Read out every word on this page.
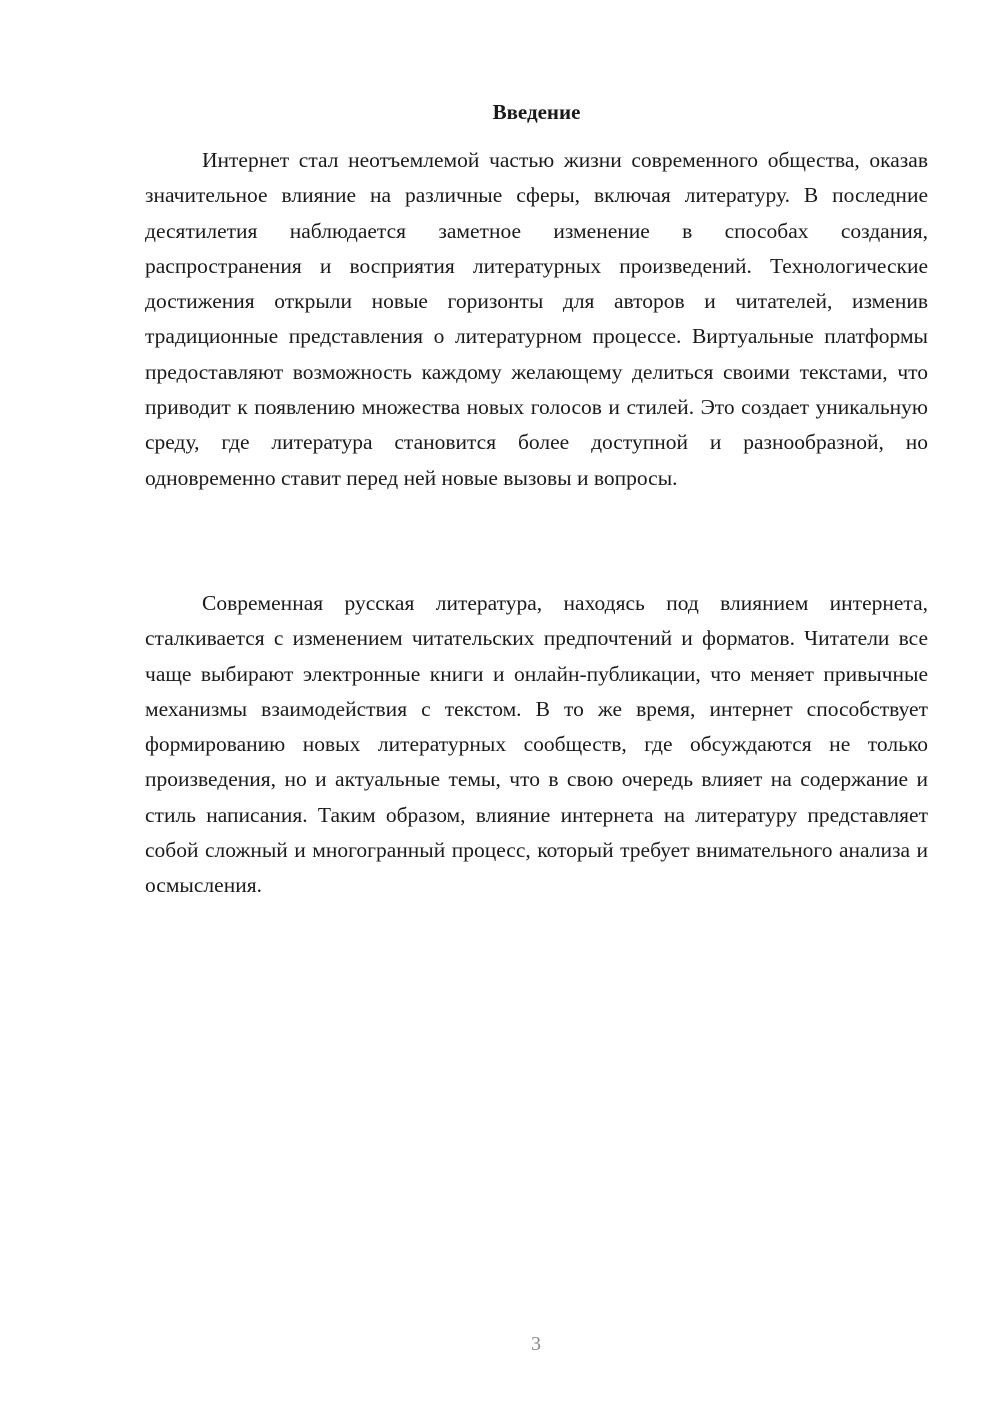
Введение

Интернет стал неотъемлемой частью жизни современного общества, оказав значительное влияние на различные сферы, включая литературу. В последние десятилетия наблюдается заметное изменение в способах создания, распространения и восприятия литературных произведений. Технологические достижения открыли новые горизонты для авторов и читателей, изменив традиционные представления о литературном процессе. Виртуальные платформы предоставляют возможность каждому желающему делиться своими текстами, что приводит к появлению множества новых голосов и стилей. Это создает уникальную среду, где литература становится более доступной и разнообразной, но одновременно ставит перед ней новые вызовы и вопросы.

Современная русская литература, находясь под влиянием интернета, сталкивается с изменением читательских предпочтений и форматов. Читатели все чаще выбирают электронные книги и онлайн-публикации, что меняет привычные механизмы взаимодействия с текстом. В то же время, интернет способствует формированию новых литературных сообществ, где обсуждаются не только произведения, но и актуальные темы, что в свою очередь влияет на содержание и стиль написания. Таким образом, влияние интернета на литературу представляет собой сложный и многогранный процесс, который требует внимательного анализа и осмысления.

3
